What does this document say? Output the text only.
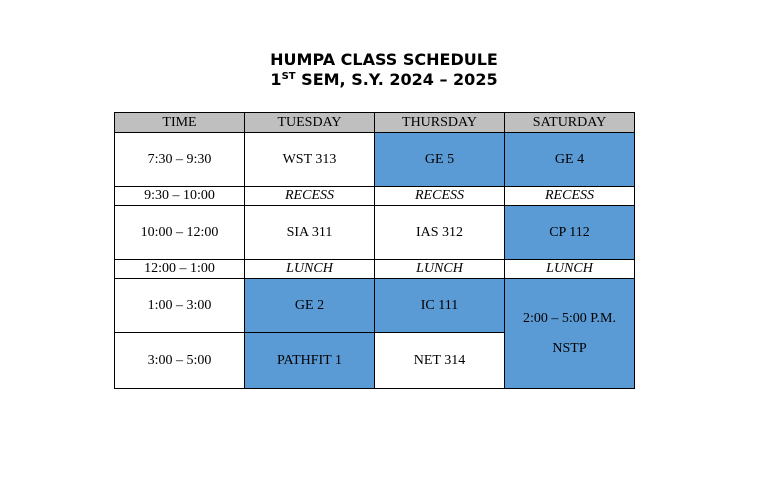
HUMPA CLASS SCHEDULE
1ST SEM, S.Y. 2024 – 2025
TIME	TUESDAY	THURSDAY	SATURDAY
7:30 – 9:30	WST 313	GE 5	GE 4
9:30 – 10:00	RECESS	RECESS	RECESS
10:00 – 12:00	SIA 311	IAS 312	CP 112
12:00 – 1:00	LUNCH	LUNCH	LUNCH
1:00 – 3:00	GE 2	IC 111	2:00 – 5:00 P.M.
NSTP
3:00 – 5:00	PATHFIT 1	NET 314	
